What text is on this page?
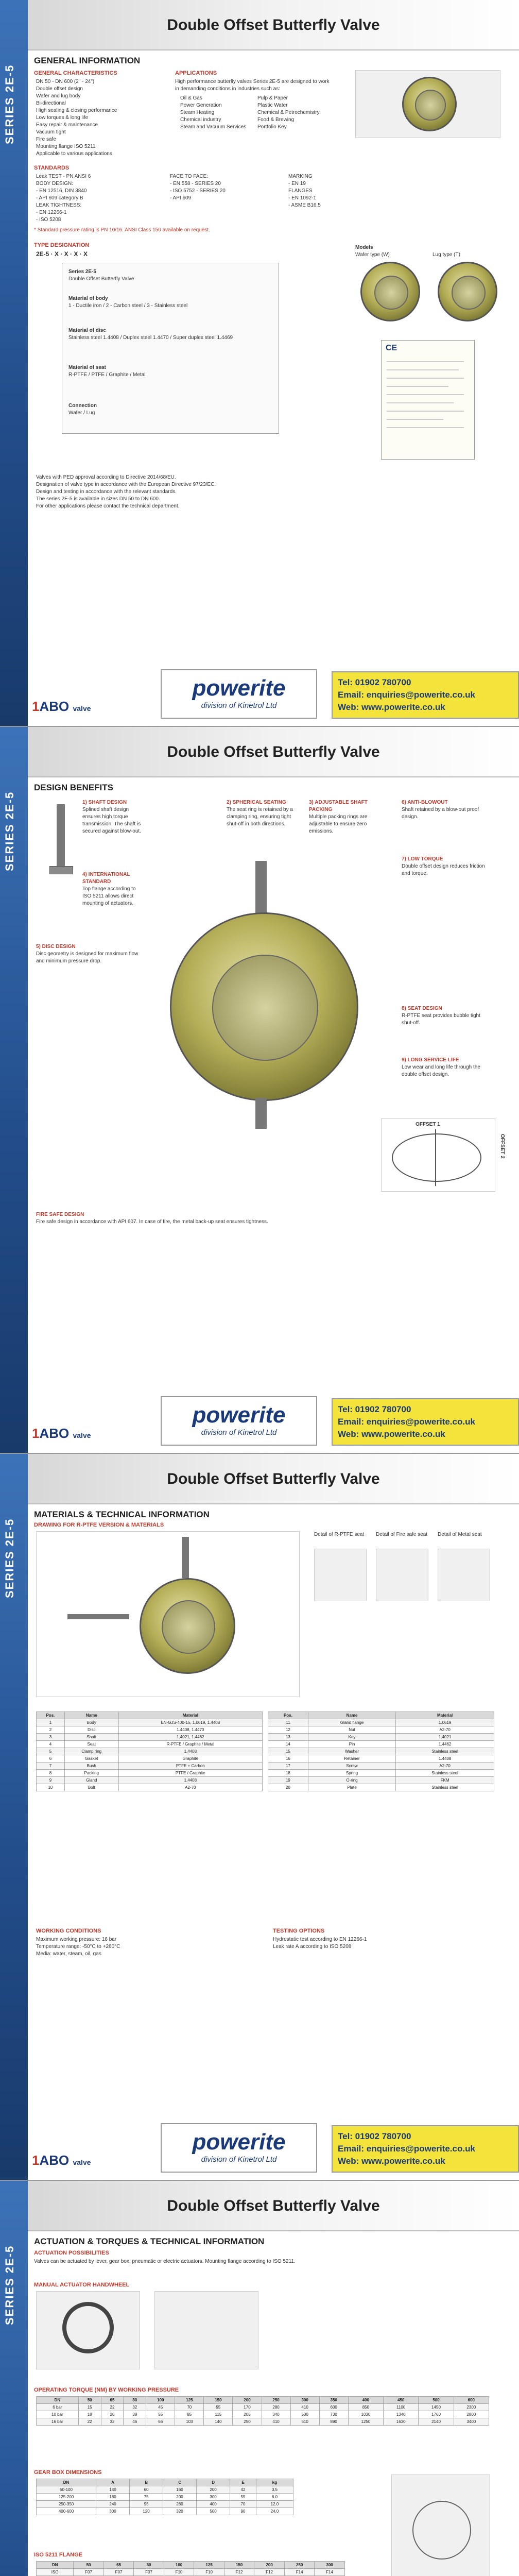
SERIES 2E-5
Double Offset Butterfly Valve
GENERAL INFORMATION
GENERAL CHARACTERISTICS
DN 50 - DN 600 (2" - 24")
Double offset design
Wafer and lug body
Bi-directional
High sealing & closing performance
Low torques & long life
Easy repair & maintenance
Vacuum tight
Fire safe
Mounting flange ISO 5211
Applicable to various applications
APPLICATIONS
High performance butterfly valves Series 2E-5 are designed to work in demanding conditions in industries such as:
Oil & Gas
Power Generation
Steam Heating
Chemical industry
Steam and Vacuum Services
Pulp & Paper
Plastic Water
Chemical & Petrochemistry
Food & Brewing
Portfolio Key
STANDARDS
Leak TEST - PN ANSI 6
BODY DESIGN:
- EN 12516, DIN 3840
- API 609 category B
LEAK TIGHTNESS:
- EN 12266-1
- ISO 5208
FACE TO FACE:
- EN 558 - SERIES 20
- ISO 5752 - SERIES 20
- API 609
MARKING
- EN 19
FLANGES
- EN 1092-1
- ASME B16.5
* Standard pressure rating is PN 10/16. ANSI Class 150 available on request.
TYPE DESIGNATION
2E-5 · X · X · X · X
Series 2E-5
Double Offset Butterfly Valve
Material of body
1 - Ductile iron / 2 - Carbon steel / 3 - Stainless steel
Material of disc
Stainless steel 1.4408 / Duplex steel 1.4470 / Super duplex steel 1.4469
Material of seat
R-PTFE / PTFE / Graphite / Metal
Connection
Wafer / Lug
Models
Wafer type (W)	Lug type (T)
CE
Valves with PED approval according to Directive 2014/68/EU.
Designation of valve type in accordance with the European Directive 97/23/EC.
Design and testing in accordance with the relevant standards.
The series 2E-5 is available in sizes DN 50 to DN 600.
For other applications please contact the technical department.
1ABO valve
powerite
division of Kinetrol Ltd
Tel: 01902 780700
Email: enquiries@powerite.co.uk
Web: www.powerite.co.uk
SERIES 2E-5
Double Offset Butterfly Valve
DESIGN BENEFITS
1) SHAFT DESIGN
Splined shaft design ensures high torque transmission. The shaft is secured against blow-out.
4) INTERNATIONAL STANDARD
Top flange according to ISO 5211 allows direct mounting of actuators.
5) DISC DESIGN
Disc geometry is designed for maximum flow and minimum pressure drop.
2) SPHERICAL SEATING
The seat ring is retained by a clamping ring, ensuring tight shut-off in both directions.
3) ADJUSTABLE SHAFT PACKING
Multiple packing rings are adjustable to ensure zero emissions.
6) ANTI-BLOWOUT
Shaft retained by a blow-out proof design.
7) LOW TORQUE
Double offset design reduces friction and torque.
8) SEAT DESIGN
R-PTFE seat provides bubble tight shut-off.
9) LONG SERVICE LIFE
Low wear and long life through the double offset design.
OFFSET 1
OFFSET 2
FIRE SAFE DESIGN
Fire safe design in accordance with API 607. In case of fire, the metal back-up seat ensures tightness.
1ABO valve
powerite
division of Kinetrol Ltd
Tel: 01902 780700
Email: enquiries@powerite.co.uk
Web: www.powerite.co.uk
SERIES 2E-5
Double Offset Butterfly Valve
MATERIALS & TECHNICAL INFORMATION
DRAWING FOR R-PTFE VERSION & MATERIALS
Detail of R-PTFE seat	Detail of Fire safe seat	Detail of Metal seat
Pos.	Name	Material
1	Body	EN-GJS-400-15, 1.0619, 1.4408
2	Disc	1.4408, 1.4470
3	Shaft	1.4021, 1.4462
4	Seat	R-PTFE / Graphite / Metal
5	Clamp ring	1.4408
6	Gasket	Graphite
7	Bush	PTFE + Carbon
8	Packing	PTFE / Graphite
9	Gland	1.4408
10	Bolt	A2-70
Pos.	Name	Material
11	Gland flange	1.0619
12	Nut	A2-70
13	Key	1.4021
14	Pin	1.4462
15	Washer	Stainless steel
16	Retainer	1.4408
17	Screw	A2-70
18	Spring	Stainless steel
19	O-ring	FKM
20	Plate	Stainless steel
WORKING CONDITIONS
Maximum working pressure: 16 bar
Temperature range: -50°C to +260°C
Media: water, steam, oil, gas
TESTING OPTIONS
Hydrostatic test according to EN 12266-1
Leak rate A according to ISO 5208
1ABO valve
powerite
division of Kinetrol Ltd
Tel: 01902 780700
Email: enquiries@powerite.co.uk
Web: www.powerite.co.uk
SERIES 2E-5
Double Offset Butterfly Valve
ACTUATION & TORQUES & TECHNICAL INFORMATION
ACTUATION POSSIBILITIES
Valves can be actuated by lever, gear box, pneumatic or electric actuators. Mounting flange according to ISO 5211.
MANUAL ACTUATOR HANDWHEEL
OPERATING TORQUE (NM) BY WORKING PRESSURE
DN	50	65	80	100	125	150	200	250	300	350	400	450	500	600
6 bar	15	22	32	45	70	95	170	280	410	600	850	1100	1450	2300
10 bar	18	26	38	55	85	115	205	340	500	730	1030	1340	1760	2800
16 bar	22	32	46	66	103	140	250	410	610	890	1250	1630	2140	3400
GEAR BOX DIMENSIONS
DN	A	B	C	D	E	kg
50-100	140	60	160	200	42	3.5
125-200	180	75	200	300	55	6.0
250-350	240	95	260	400	70	12.0
400-600	300	120	320	500	90	24.0
ISO 5211 FLANGE
DN	50	65	80	100	125	150	200	250	300
ISO	F07	F07	F07	F10	F10	F12	F12	F14	F14
